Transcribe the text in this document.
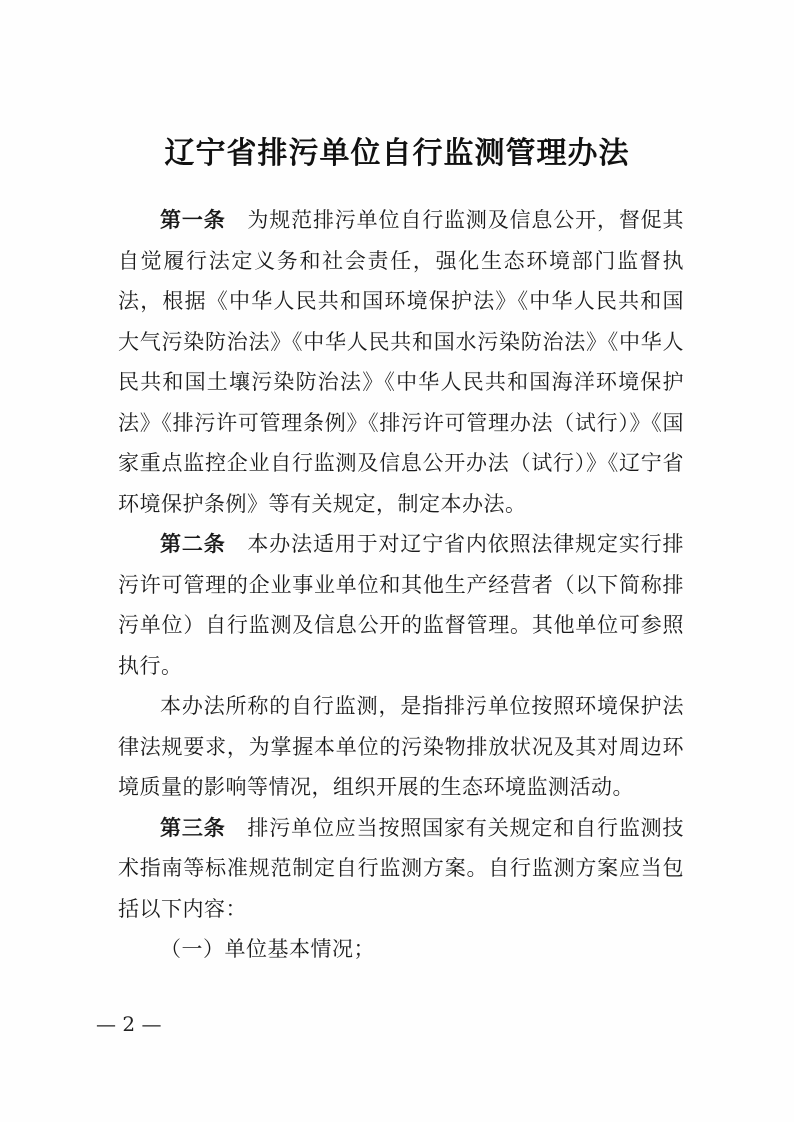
辽宁省排污单位自行监测管理办法

第一条　 为规范排污单位自行监测及信息公开，督促其自觉履行法定义务和社会责任，强化生态环境部门监督执法，根据《中华人民共和国环境保护法》《中华人民共和国大气污染防治法》《中华人民共和国水污染防治法》《中华人民共和国土壤污染防治法》《中华人民共和国海洋环境保护法》《排污许可管理条例》《排污许可管理办法（试行）》《国家重点监控企业自行监测及信息公开办法（试行）》《辽宁省环境保护条例》等有关规定，制定本办法。

第二条　 本办法适用于对辽宁省内依照法律规定实行排污许可管理的企业事业单位和其他生产经营者（以下简称排污单位）自行监测及信息公开的监督管理。其他单位可参照执行。

本办法所称的自行监测，是指排污单位按照环境保护法律法规要求，为掌握本单位的污染物排放状况及其对周边环境质量的影响等情况，组织开展的生态环境监测活动。

第三条　 排污单位应当按照国家有关规定和自行监测技术指南等标准规范制定自行监测方案。自行监测方案应当包括以下内容：

（一）单位基本情况；

— 2 —
